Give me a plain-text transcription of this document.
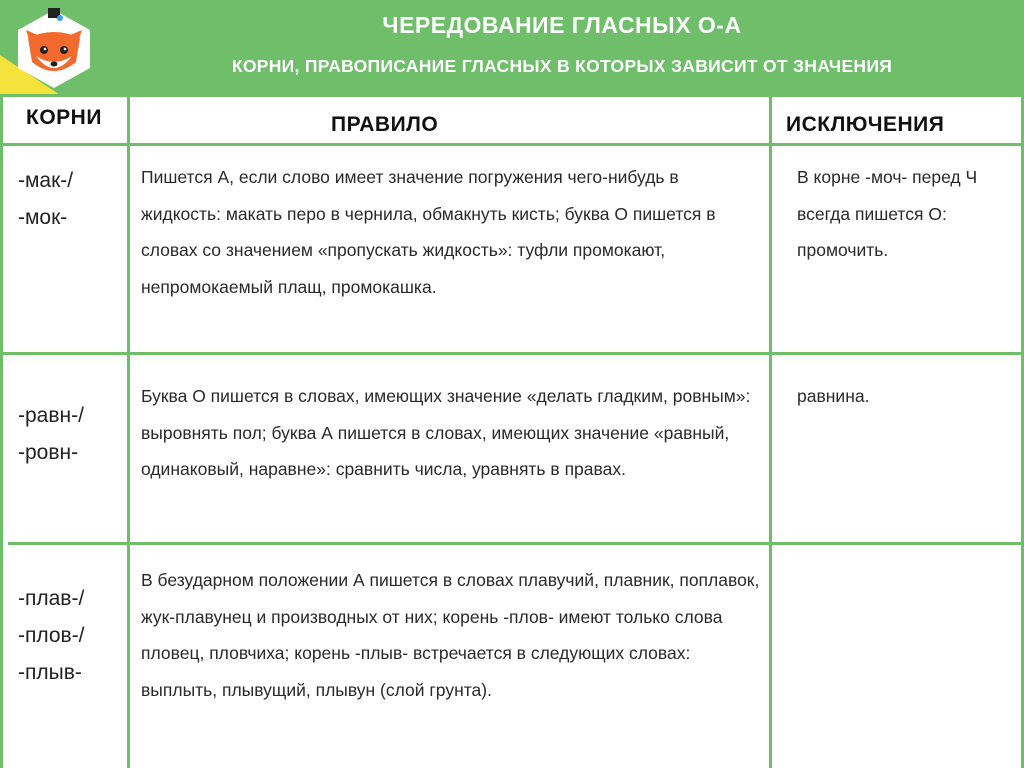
ЧЕРЕДОВАНИЕ ГЛАСНЫХ О-А
КОРНИ, ПРАВОПИСАНИЕ ГЛАСНЫХ В КОТОРЫХ ЗАВИСИТ ОТ ЗНАЧЕНИЯ
КОРНИ	ПРАВИЛО	ИСКЛЮЧЕНИЯ
-мак-/
-мок-
Пишется А, если слово имеет значение погружения чего-нибудь в жидкость: макать перо в чернила, обмакнуть кисть; буква О пишется в словах со значением «пропускать жидкость»: туфли промокают, непромокаемый плащ, промокашка.
В корне -моч- перед Ч всегда пишется О: промочить.
-равн-/
-ровн-
Буква О пишется в словах, имеющих значение «делать гладким, ровным»: выровнять пол; буква А пишется в словах, имеющих значение «равный, одинаковый, наравне»: сравнить числа, уравнять в правах.
равнина.
-плав-/
-плов-/
-плыв-
В безударном положении А пишется в словах плавучий, плавник, поплавок, жук-плавунец и производных от них; корень -плов- имеют только слова пловец, пловчиха; корень -плыв- встречается в следующих словах: выплыть, плывущий, плывун (слой грунта).
